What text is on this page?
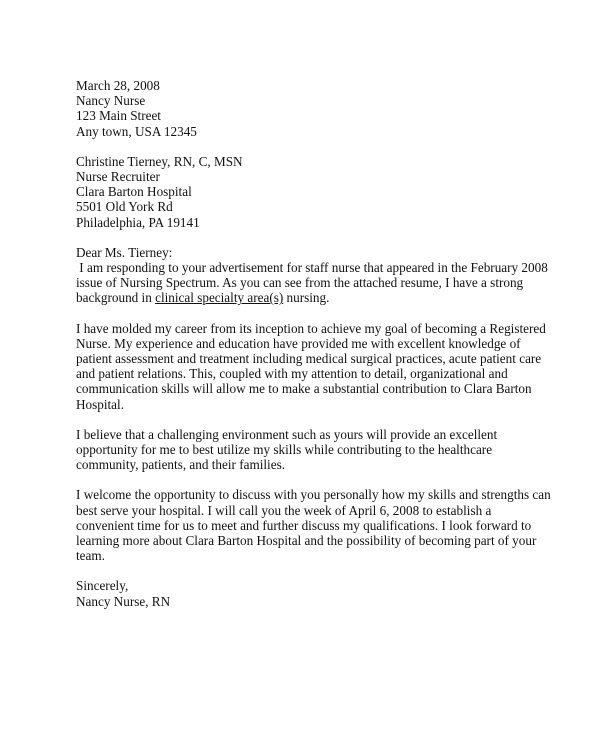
March 28, 2008

Nancy Nurse
123 Main Street
Any town, USA 12345
Christine Tierney, RN, C, MSN
Nurse Recruiter
Clara Barton Hospital
5501 Old York Rd
Philadelphia, PA 19141

Dear Ms. Tierney:

I am responding to your advertisement for staff nurse that appeared in the February 2008
issue of Nursing Spectrum. As you can see from the attached resume, I have a strong
background in clinical specialty area(s) nursing.
I have molded my career from its inception to achieve my goal of becoming a Registered
Nurse. My experience and education have provided me with excellent knowledge of
patient assessment and treatment including medical surgical practices, acute patient care
and patient relations. This, coupled with my attention to detail, organizational and
communication skills will allow me to make a substantial contribution to Clara Barton
Hospital.
I believe that a challenging environment such as yours will provide an excellent
opportunity for me to best utilize my skills while contributing to the healthcare
community, patients, and their families.
I welcome the opportunity to discuss with you personally how my skills and strengths can
best serve your hospital. I will call you the week of April 6, 2008 to establish a
convenient time for us to meet and further discuss my qualifications. I look forward to
learning more about Clara Barton Hospital and the possibility of becoming part of your
team.

Sincerely,

Nancy Nurse, RN
